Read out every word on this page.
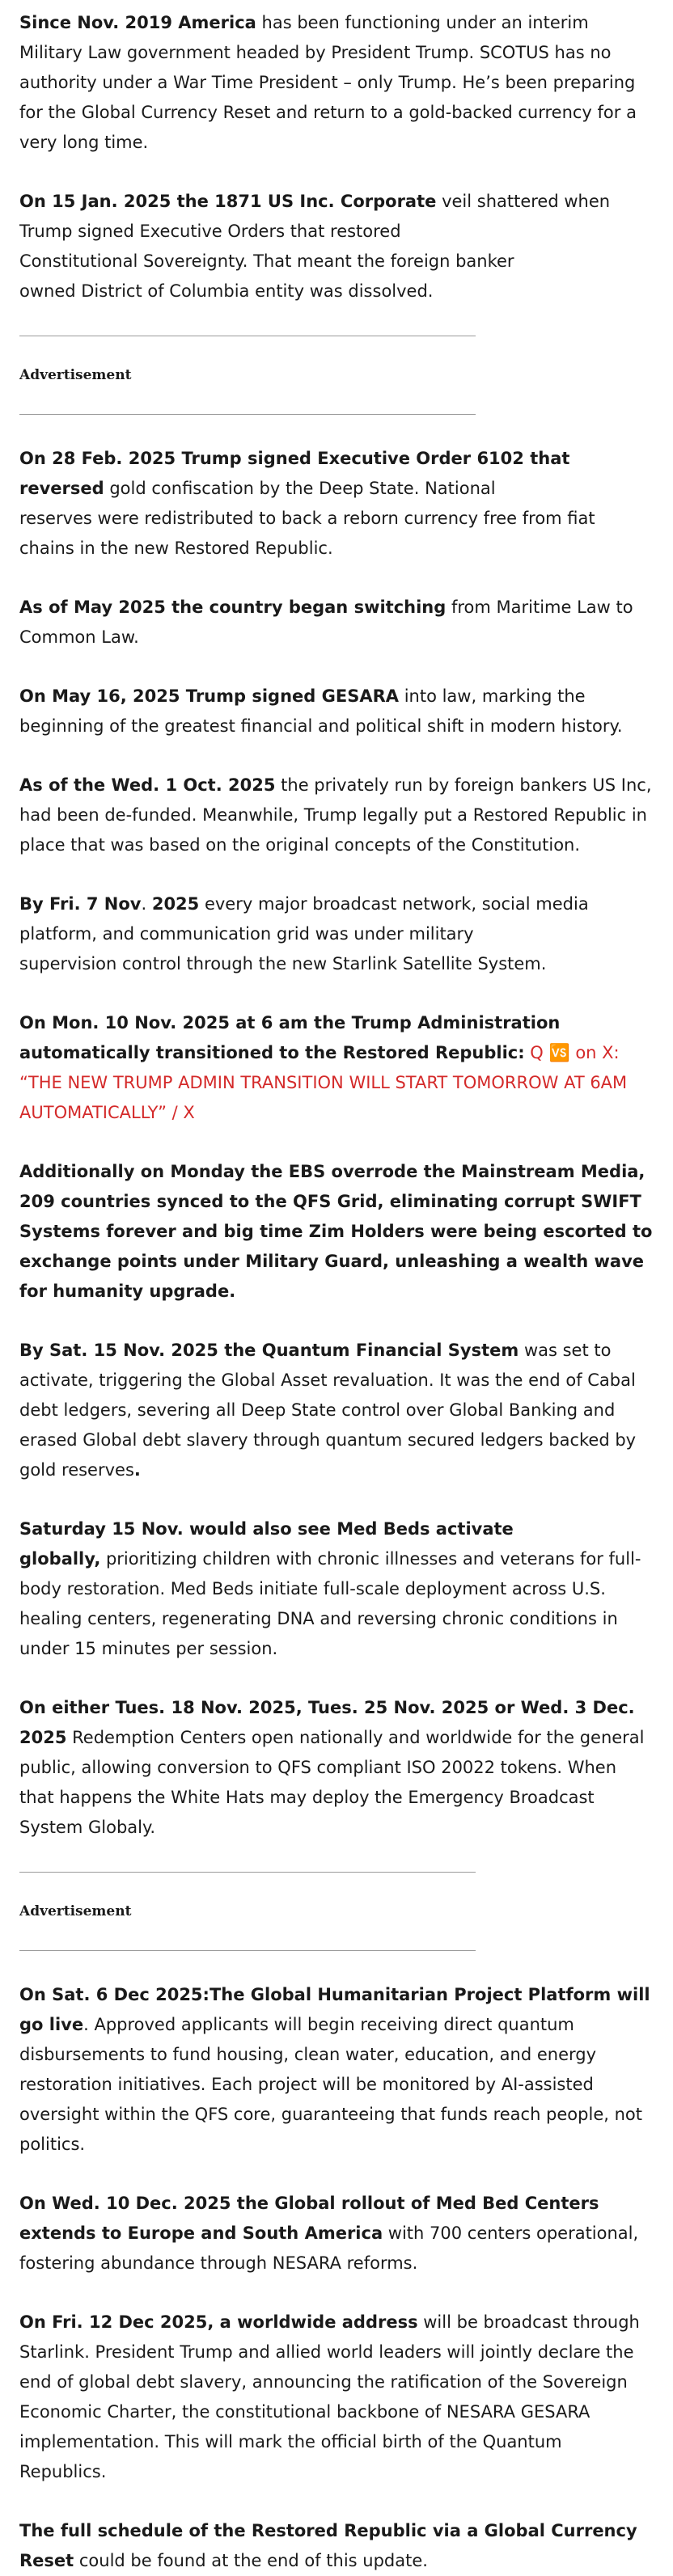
Since Nov. 2019 America has been functioning under an interim Military Law government headed by President Trump. SCOTUS has no authority under a War Time President – only Trump. He’s been preparing for the Global Currency Reset and return to a gold-backed currency for a very long time.

On 15 Jan. 2025 the 1871 US Inc. Corporate veil shattered when Trump signed Executive Orders that restored
Constitutional Sovereignty. That meant the foreign banker
owned District of Columbia entity was dissolved.

Advertisement

On 28 Feb. 2025 Trump signed Executive Order 6102 that reversed gold confiscation by the Deep State. National
reserves were redistributed to back a reborn currency free from fiat chains in the new Restored Republic.

As of May 2025 the country began switching from Maritime Law to Common Law.

On May 16, 2025 Trump signed GESARA into law, marking the beginning of the greatest financial and political shift in modern history.

As of the Wed. 1 Oct. 2025 the privately run by foreign bankers US Inc, had been de-funded. Meanwhile, Trump legally put a Restored Republic in place that was based on the original concepts of the Constitution.

By Fri. 7 Nov. 2025 every major broadcast network, social media platform, and communication grid was under military
supervision control through the new Starlink Satellite System.

On Mon. 10 Nov. 2025 at 6 am the Trump Administration automatically transitioned to the Restored Republic: Q 🆚 on X: “THE NEW TRUMP ADMIN TRANSITION WILL START TOMORROW AT 6AM AUTOMATICALLY” / X

Additionally on Monday the EBS overrode the Mainstream Media, 209 countries synced to the QFS Grid, eliminating corrupt SWIFT Systems forever and big time Zim Holders were being escorted to exchange points under Military Guard, unleashing a wealth wave for humanity upgrade.

By Sat. 15 Nov. 2025 the Quantum Financial System was set to activate, triggering the Global Asset revaluation. It was the end of Cabal debt ledgers, severing all Deep State control over Global Banking and erased Global debt slavery through quantum secured ledgers backed by gold reserves.

Saturday 15 Nov. would also see Med Beds activate
globally, prioritizing children with chronic illnesses and veterans for full-body restoration. Med Beds initiate full-scale deployment across U.S. healing centers, regenerating DNA and reversing chronic conditions in under 15 minutes per session.

On either Tues. 18 Nov. 2025, Tues. 25 Nov. 2025 or Wed. 3 Dec. 2025 Redemption Centers open nationally and worldwide for the general public, allowing conversion to QFS compliant ISO 20022 tokens. When that happens the White Hats may deploy the Emergency Broadcast System Globaly.

Advertisement

On Sat. 6 Dec 2025:The Global Humanitarian Project Platform will go live. Approved applicants will begin receiving direct quantum disbursements to fund housing, clean water, education, and energy restoration initiatives. Each project will be monitored by AI-assisted oversight within the QFS core, guaranteeing that funds reach people, not politics.

On Wed. 10 Dec. 2025 the Global rollout of Med Bed Centers extends to Europe and South America with 700 centers operational, fostering abundance through NESARA reforms.

On Fri. 12 Dec 2025, a worldwide address will be broadcast through Starlink. President Trump and allied world leaders will jointly declare the end of global debt slavery, announcing the ratification of the Sovereign Economic Charter, the constitutional backbone of NESARA GESARA implementation. This will mark the official birth of the Quantum Republics.

The full schedule of the Restored Republic via a Global Currency Reset could be found at the end of this update.
